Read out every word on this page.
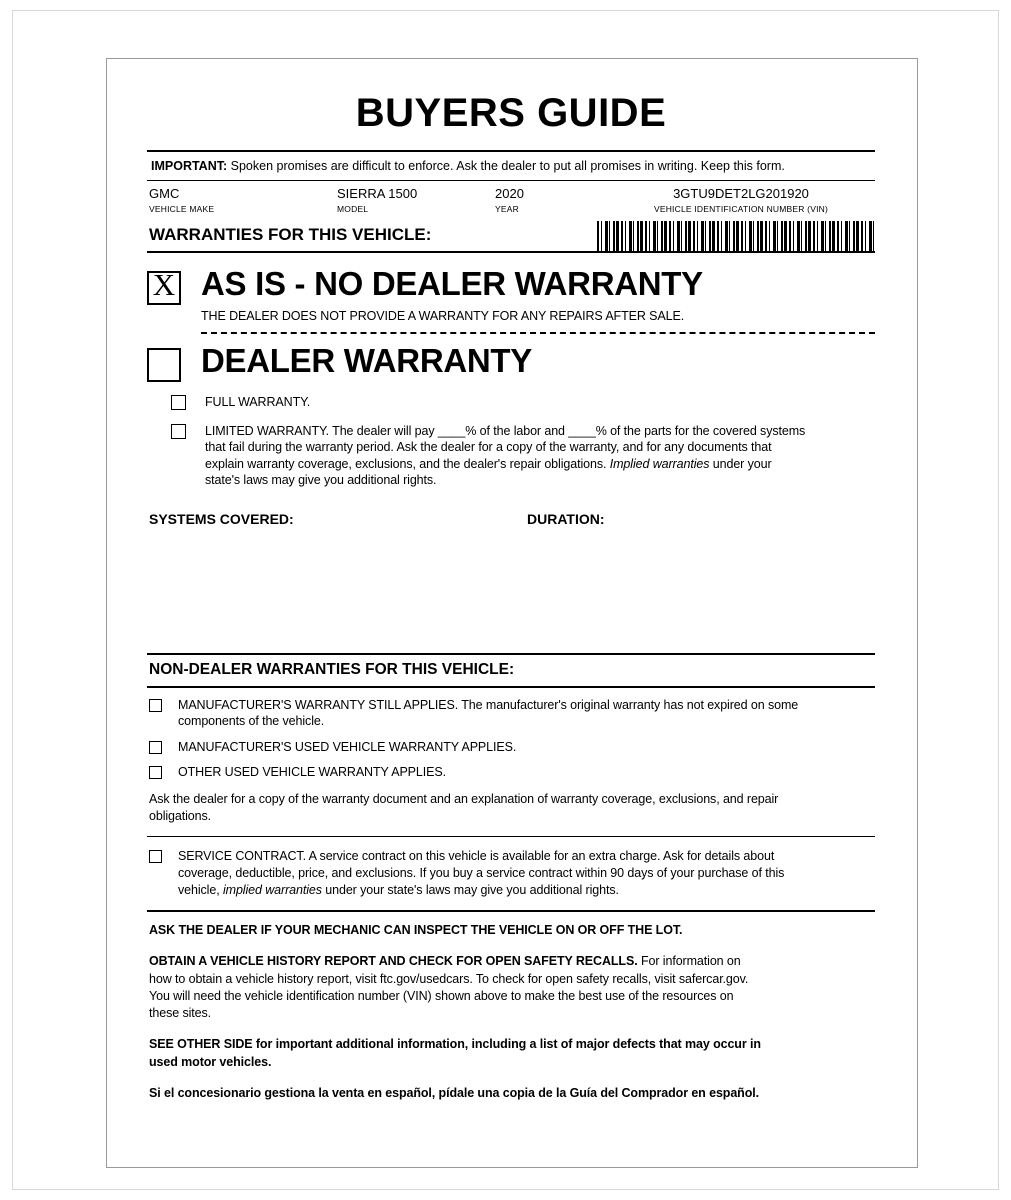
BUYERS GUIDE
IMPORTANT: Spoken promises are difficult to enforce. Ask the dealer to put all promises in writing. Keep this form.
GMC
VEHICLE MAKE
SIERRA 1500
MODEL
2020
YEAR
3GTU9DET2LG201920
VEHICLE IDENTIFICATION NUMBER (VIN)
WARRANTIES FOR THIS VEHICLE:
X AS IS - NO DEALER WARRANTY
THE DEALER DOES NOT PROVIDE A WARRANTY FOR ANY REPAIRS AFTER SALE.
DEALER WARRANTY
FULL WARRANTY.
LIMITED WARRANTY. The dealer will pay ____% of the labor and ____% of the parts for the covered systems
that fail during the warranty period. Ask the dealer for a copy of the warranty, and for any documents that
explain warranty coverage, exclusions, and the dealer's repair obligations. Implied warranties under your
state's laws may give you additional rights.
SYSTEMS COVERED:	DURATION:
NON-DEALER WARRANTIES FOR THIS VEHICLE:
MANUFACTURER'S WARRANTY STILL APPLIES. The manufacturer's original warranty has not expired on some
components of the vehicle.
MANUFACTURER'S USED VEHICLE WARRANTY APPLIES.
OTHER USED VEHICLE WARRANTY APPLIES.
Ask the dealer for a copy of the warranty document and an explanation of warranty coverage, exclusions, and repair
obligations.
SERVICE CONTRACT. A service contract on this vehicle is available for an extra charge. Ask for details about
coverage, deductible, price, and exclusions. If you buy a service contract within 90 days of your purchase of this
vehicle, implied warranties under your state's laws may give you additional rights.
ASK THE DEALER IF YOUR MECHANIC CAN INSPECT THE VEHICLE ON OR OFF THE LOT.
OBTAIN A VEHICLE HISTORY REPORT AND CHECK FOR OPEN SAFETY RECALLS. For information on
how to obtain a vehicle history report, visit ftc.gov/usedcars. To check for open safety recalls, visit safercar.gov.
You will need the vehicle identification number (VIN) shown above to make the best use of the resources on
these sites.
SEE OTHER SIDE for important additional information, including a list of major defects that may occur in
used motor vehicles.
Si el concesionario gestiona la venta en español, pídale una copia de la Guía del Comprador en español.
